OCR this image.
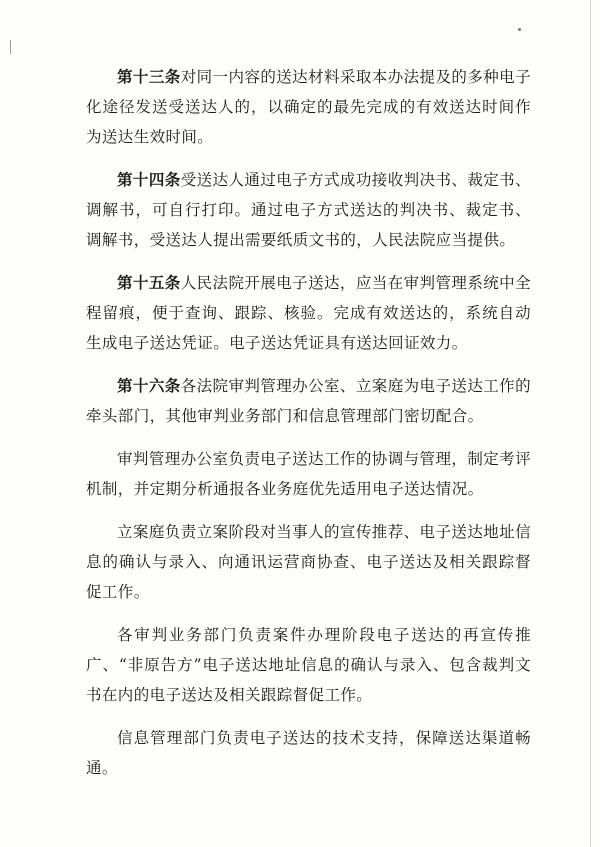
第十三条对同一内容的送达材料采取本办法提及的多种电子化途径发送受送达人的，以确定的最先完成的有效送达时间作为送达生效时间。

第十四条受送达人通过电子方式成功接收判决书、裁定书、调解书，可自行打印。通过电子方式送达的判决书、裁定书、调解书，受送达人提出需要纸质文书的，人民法院应当提供。

第十五条人民法院开展电子送达，应当在审判管理系统中全程留痕，便于查询、跟踪、核验。完成有效送达的，系统自动生成电子送达凭证。电子送达凭证具有送达回证效力。

第十六条各法院审判管理办公室、立案庭为电子送达工作的牵头部门，其他审判业务部门和信息管理部门密切配合。

审判管理办公室负责电子送达工作的协调与管理，制定考评机制，并定期分析通报各业务庭优先适用电子送达情况。

立案庭负责立案阶段对当事人的宣传推荐、电子送达地址信息的确认与录入、向通讯运营商协查、电子送达及相关跟踪督促工作。

各审判业务部门负责案件办理阶段电子送达的再宣传推广、“非原告方”电子送达地址信息的确认与录入、包含裁判文书在内的电子送达及相关跟踪督促工作。

信息管理部门负责电子送达的技术支持，保障送达渠道畅通。
